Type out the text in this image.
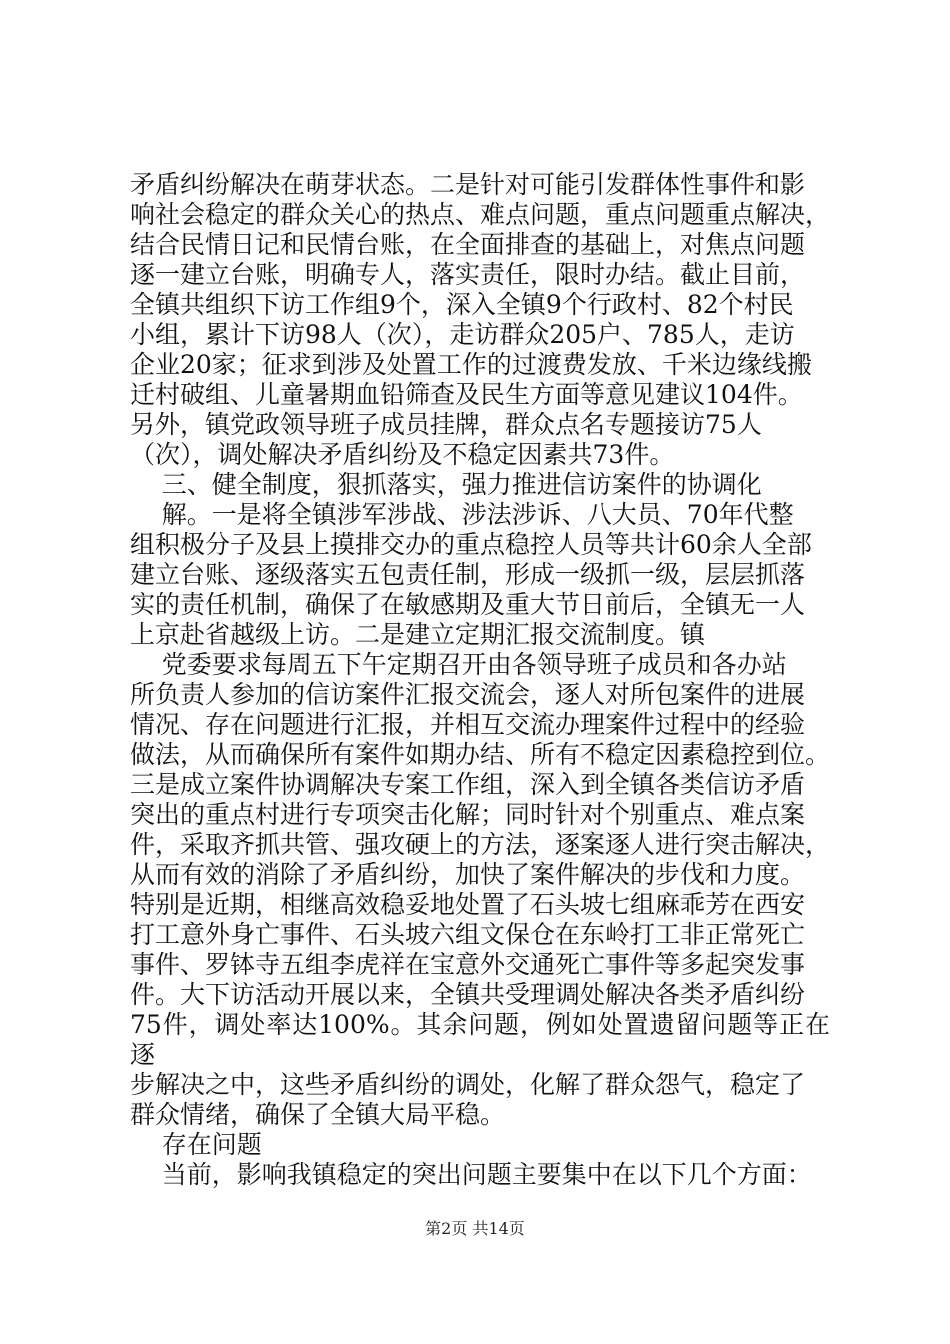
矛盾纠纷解决在萌芽状态。二是针对可能引发群体性事件和影
响社会稳定的群众关心的热点、难点问题，重点问题重点解决，
结合民情日记和民情台账，在全面排查的基础上，对焦点问题
逐一建立台账，明确专人，落实责任，限时办结。截止目前，
全镇共组织下访工作组9个，深入全镇9个行政村、82个村民
小组，累计下访98人（次），走访群众205户、785人，走访
企业20家；征求到涉及处置工作的过渡费发放、千米边缘线搬
迁村破组、儿童暑期血铅筛查及民生方面等意见建议104件。
另外，镇党政领导班子成员挂牌，群众点名专题接访75人
（次），调处解决矛盾纠纷及不稳定因素共73件。
三、健全制度，狠抓落实，强力推进信访案件的协调化
解。一是将全镇涉军涉战、涉法涉诉、八大员、70年代整
组积极分子及县上摸排交办的重点稳控人员等共计60余人全部
建立台账、逐级落实五包责任制，形成一级抓一级，层层抓落
实的责任机制，确保了在敏感期及重大节日前后，全镇无一人
上京赴省越级上访。二是建立定期汇报交流制度。镇
党委要求每周五下午定期召开由各领导班子成员和各办站
所负责人参加的信访案件汇报交流会，逐人对所包案件的进展
情况、存在问题进行汇报，并相互交流办理案件过程中的经验
做法，从而确保所有案件如期办结、所有不稳定因素稳控到位。
三是成立案件协调解决专案工作组，深入到全镇各类信访矛盾
突出的重点村进行专项突击化解；同时针对个别重点、难点案
件，采取齐抓共管、强攻硬上的方法，逐案逐人进行突击解决，
从而有效的消除了矛盾纠纷，加快了案件解决的步伐和力度。
特别是近期，相继高效稳妥地处置了石头坡七组麻乖芳在西安
打工意外身亡事件、石头坡六组文保仓在东岭打工非正常死亡
事件、罗钵寺五组李虎祥在宝意外交通死亡事件等多起突发事
件。大下访活动开展以来，全镇共受理调处解决各类矛盾纠纷
75件，调处率达100%。其余问题，例如处置遗留问题等正在逐
步解决之中，这些矛盾纠纷的调处，化解了群众怨气，稳定了
群众情绪，确保了全镇大局平稳。
存在问题
当前，影响我镇稳定的突出问题主要集中在以下几个方面：
第2页 共14页
